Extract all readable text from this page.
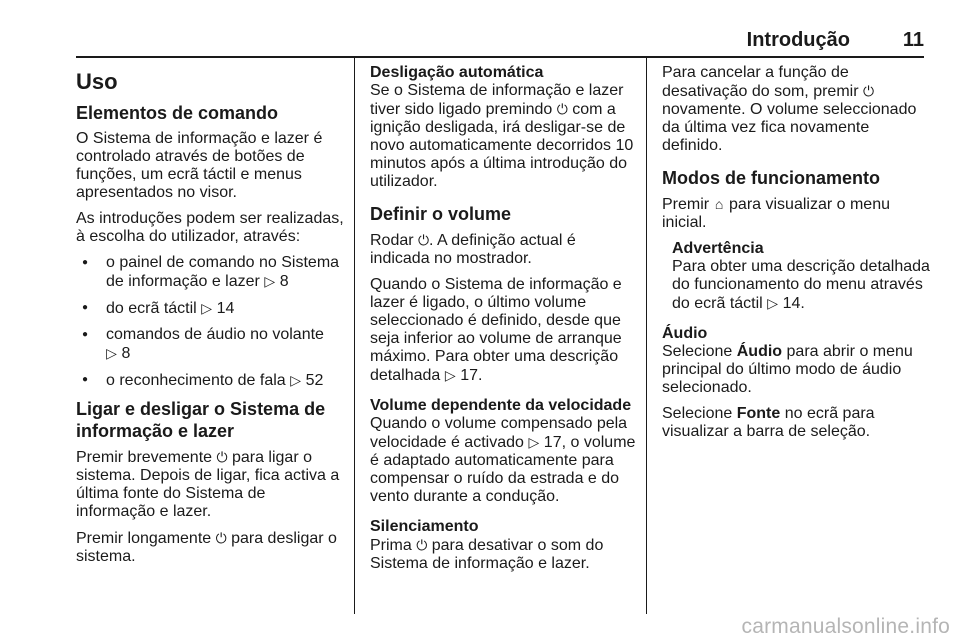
Introdução	11
Uso
Elementos de comando

O Sistema de informação e lazer é controlado através de botões de funções, um ecrã táctil e menus apresentados no visor.

As introduções podem ser realizadas, à escolha do utilizador, através:

● o painel de comando no Sistema de informação e lazer ▷ 8
● do ecrã táctil ▷ 14
● comandos de áudio no volante
▷ 8
● o reconhecimento de fala ▷ 52
Ligar e desligar o Sistema de informação e lazer

Premir brevemente ⏻ para ligar o sistema. Depois de ligar, fica activa a última fonte do Sistema de informação e lazer.

Premir longamente ⏻ para desligar o sistema.

Desligação automática

Se o Sistema de informação e lazer tiver sido ligado premindo ⏻ com a ignição desligada, irá desligar-se de novo automaticamente decorridos 10 minutos após a última introdução do utilizador.

Definir o volume

Rodar ⏻. A definição actual é indicada no mostrador.

Quando o Sistema de informação e lazer é ligado, o último volume seleccionado é definido, desde que seja inferior ao volume de arranque máximo. Para obter uma descrição detalhada ▷ 17.

Volume dependente da velocidade

Quando o volume compensado pela velocidade é activado ▷ 17, o volume é adaptado automaticamente para compensar o ruído da estrada e do vento durante a condução.

Silenciamento

Prima ⏻ para desativar o som do Sistema de informação e lazer.

Para cancelar a função de desativação do som, premir ⏻ novamente. O volume seleccionado da última vez fica novamente definido.

Modos de funcionamento

Premir ⌂ para visualizar o menu inicial.

Advertência

Para obter uma descrição detalhada do funcionamento do menu através do ecrã táctil ▷ 14.

Áudio

Selecione Áudio para abrir o menu principal do último modo de áudio selecionado.

Selecione Fonte no ecrã para visualizar a barra de seleção.

carmanualsonline.info
